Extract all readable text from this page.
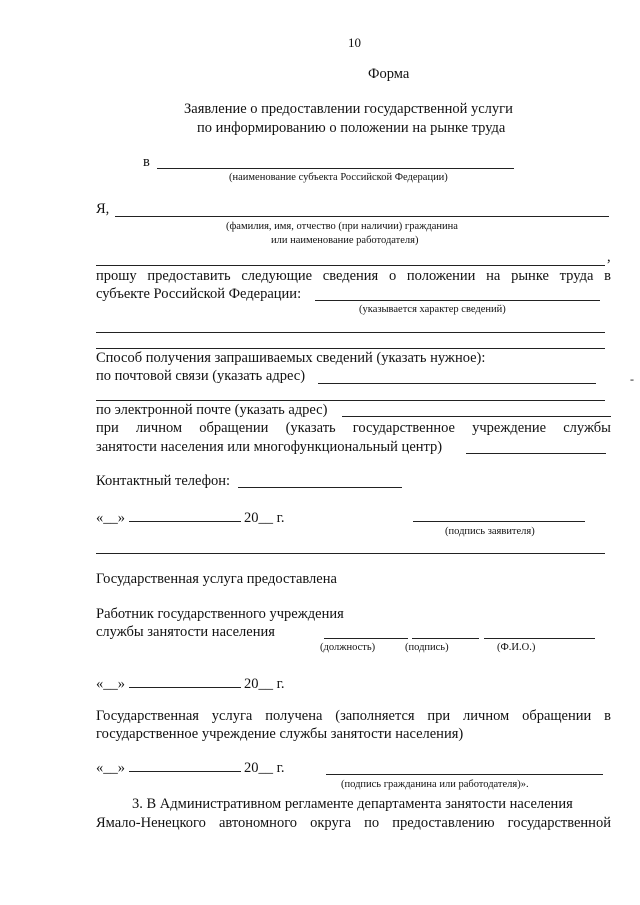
10
Форма
Заявление о предоставлении государственной услуги
по информированию о положении на рынке труда
в
(наименование субъекта Российской Федерации)
Я,
(фамилия, имя, отчество (при наличии) гражданина
или наименование работодателя)
,
прошу предоставить следующие сведения о положении на рынке труда в
субъекте Российской Федерации:
(указывается характер сведений)
Способ получения запрашиваемых сведений (указать нужное):
по почтовой связи (указать адрес)	-
по электронной почте (указать адрес)
при личном обращении (указать государственное учреждение службы
занятости населения или многофункциональный центр)
Контактный телефон:
«__»	20__ г.
(подпись заявителя)
Государственная услуга предоставлена
Работник государственного учреждения
службы занятости населения
(должность)	(подпись)	(Ф.И.О.)
«__»	20__ г.
Государственная услуга получена (заполняется при личном обращении в
государственное учреждение службы занятости населения)
«__»	20__ г.
(подпись гражданина или работодателя)».
3. В Административном регламенте департамента занятости населения
Ямало-Ненецкого автономного округа по предоставлению государственной
